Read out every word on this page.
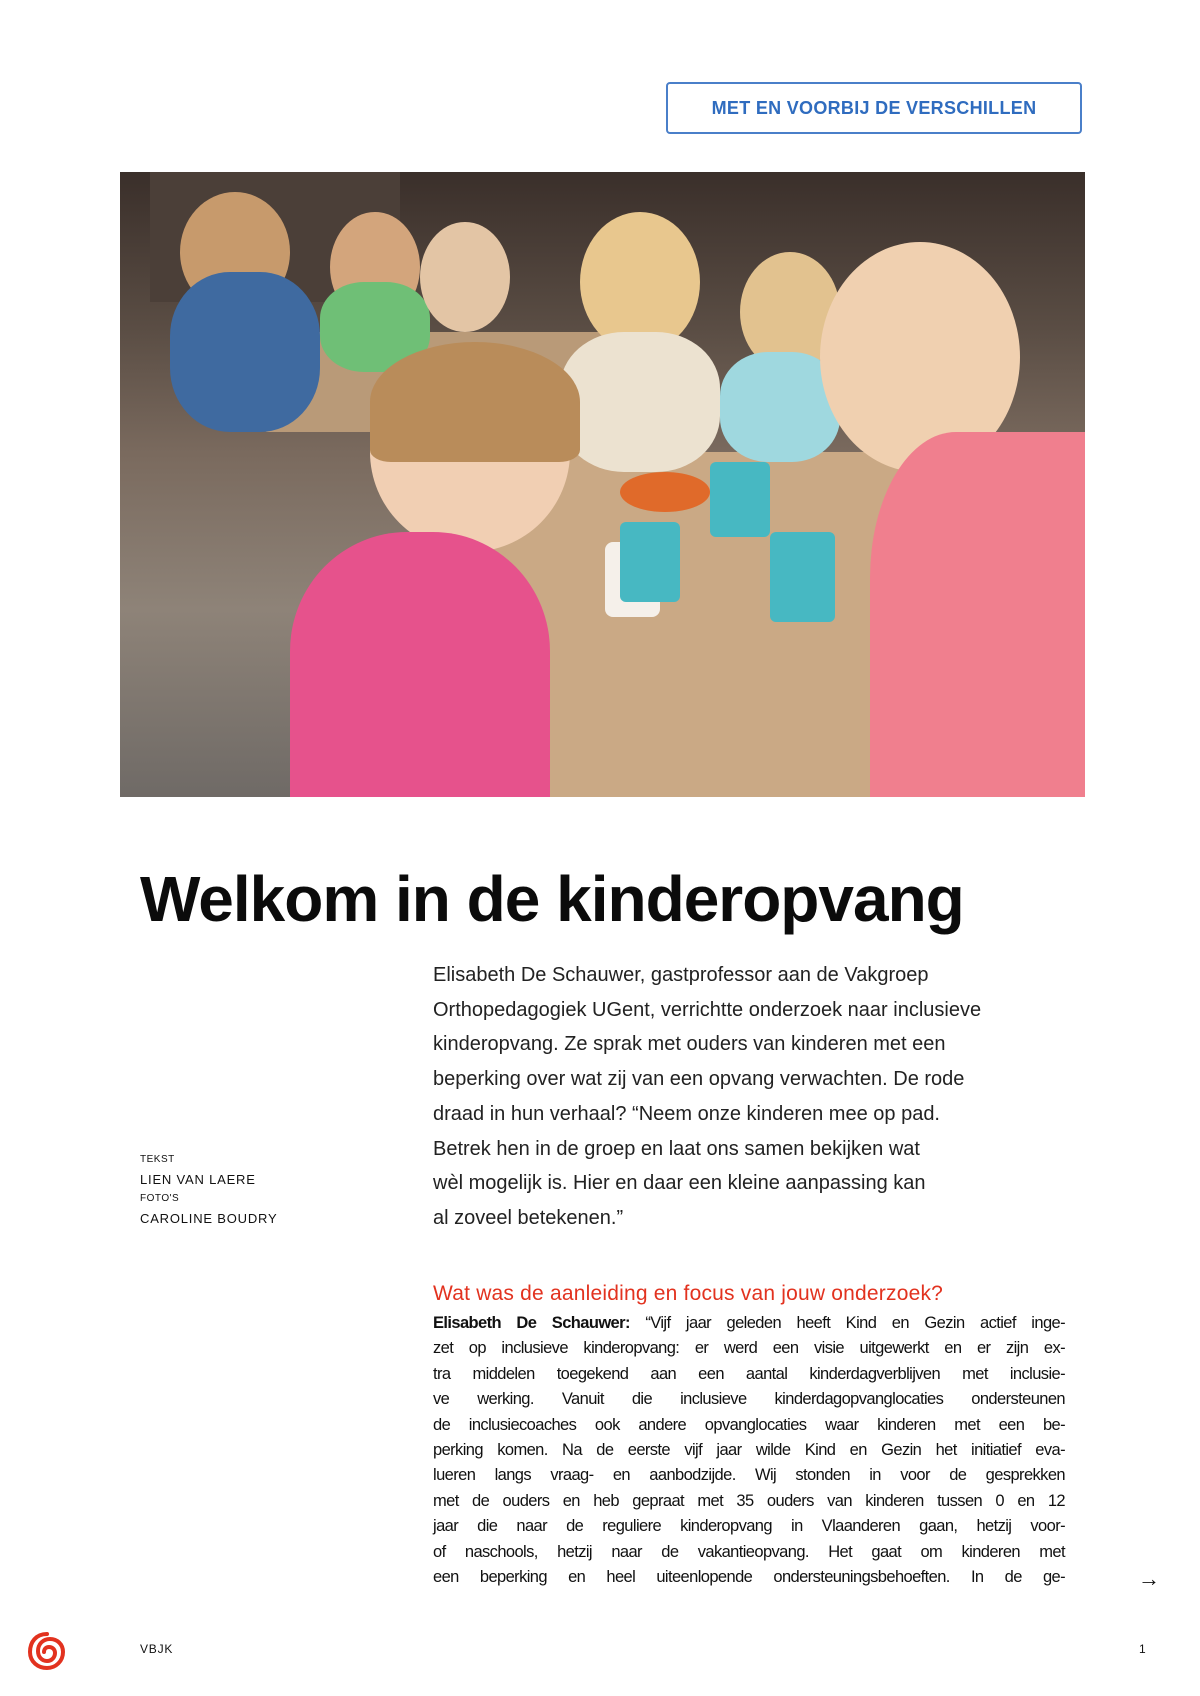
MET EN VOORBIJ DE VERSCHILLEN
Welkom in de kinderopvang
TEKST
LIEN VAN LAERE
FOTO'S
CAROLINE BOUDRY
Elisabeth De Schauwer, gastprofessor aan de Vakgroep
Orthopedagogiek UGent, verrichtte onderzoek naar inclusieve
kinderopvang. Ze sprak met ouders van kinderen met een
beperking over wat zij van een opvang verwachten. De rode
draad in hun verhaal? “Neem onze kinderen mee op pad.
Betrek hen in de groep en laat ons samen bekijken wat
wèl mogelijk is. Hier en daar een kleine aanpassing kan
al zoveel betekenen.”
Wat was de aanleiding en focus van jouw onderzoek?
Elisabeth De Schauwer: “Vijf jaar geleden heeft Kind en Gezin actief inge-
zet op inclusieve kinderopvang: er werd een visie uitgewerkt en er zijn ex-
tra middelen toegekend aan een aantal kinderdagverblijven met inclusie-
ve werking. Vanuit die inclusieve kinderdagopvanglocaties ondersteunen
de inclusiecoaches ook andere opvanglocaties waar kinderen met een be-
perking komen. Na de eerste vijf jaar wilde Kind en Gezin het initiatief eva-
lueren langs vraag- en aanbodzijde. Wij stonden in voor de gesprekken
met de ouders en heb gepraat met 35 ouders van kinderen tussen 0 en 12
jaar die naar de reguliere kinderopvang in Vlaanderen gaan, hetzij voor-
of naschools, hetzij naar de vakantieopvang. Het gaat om kinderen met
een beperking en heel uiteenlopende ondersteuningsbehoeften. In de ge-	→
VBJK	1
